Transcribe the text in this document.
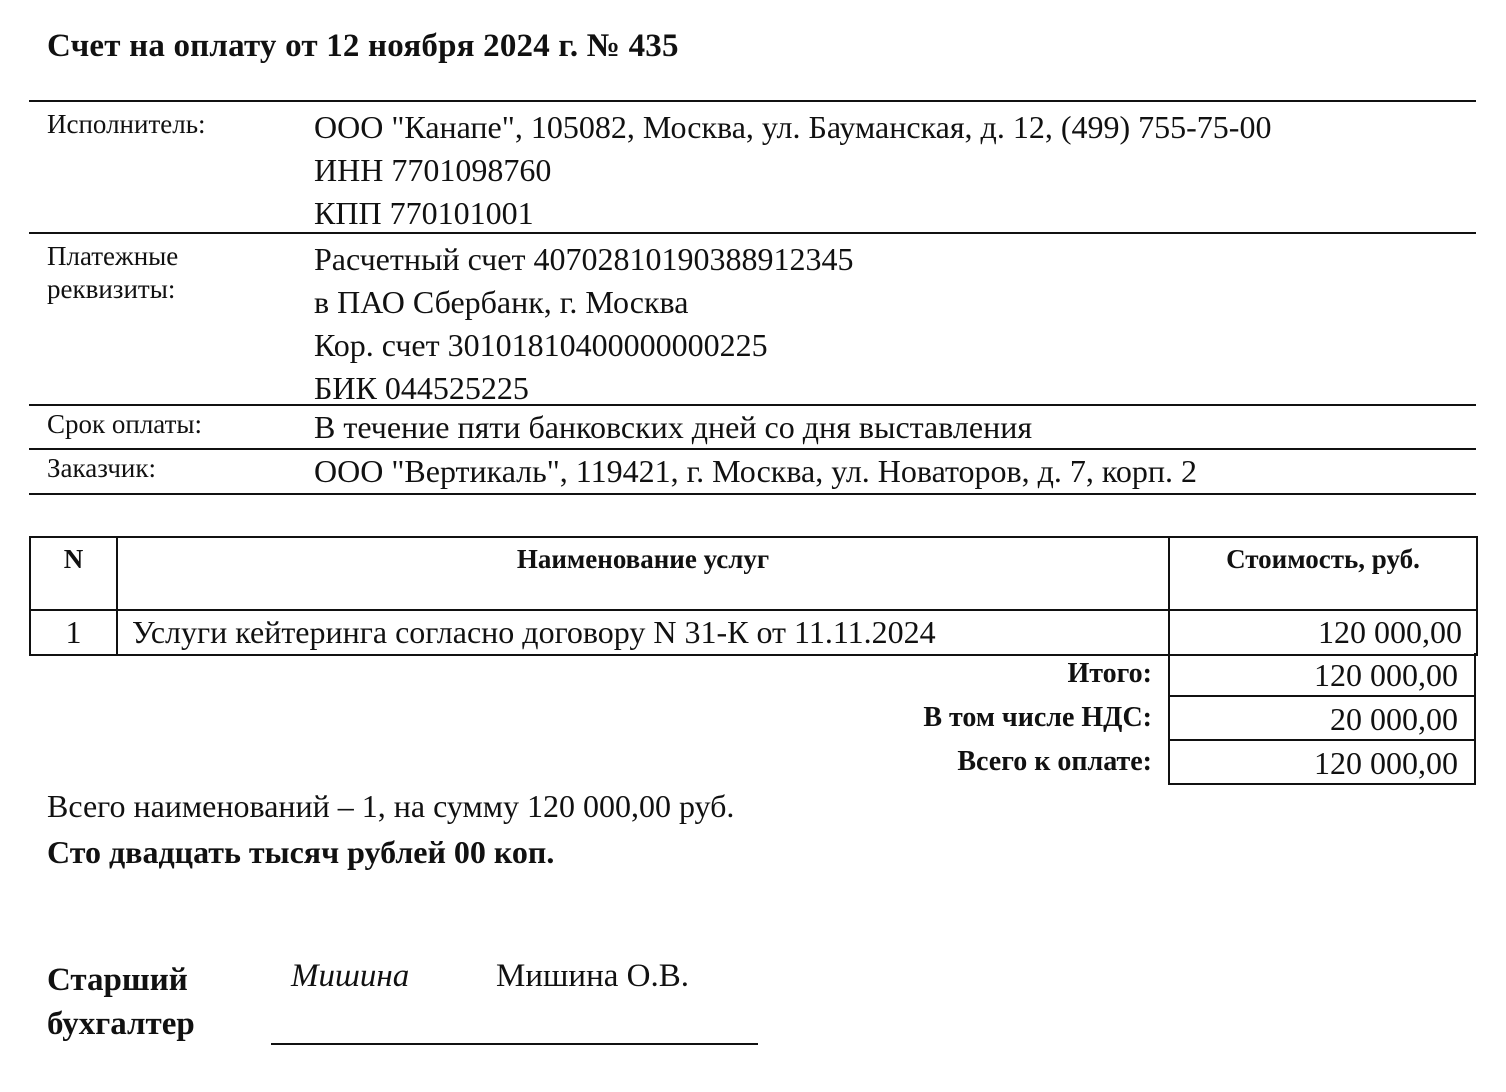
Счет на оплату от 12 ноября 2024 г. № 435
Исполнитель:	ООО "Канапе", 105082, Москва, ул. Бауманская, д. 12, (499) 755-75-00
ИНН 7701098760
КПП 770101001
Платежные
реквизиты:
Расчетный счет 40702810190388912345
в ПАО Сбербанк, г. Москва
Кор. счет 30101810400000000225
БИК 044525225
Срок оплаты:	В течение пяти банковских дней со дня выставления
Заказчик:	ООО "Вертикаль", 119421, г. Москва, ул. Новаторов, д. 7, корп. 2
N	Наименование услуг	Стоимость, руб.
1	Услуги кейтеринга согласно договору N 31-К от 11.11.2024	120 000,00
Итого:	120 000,00
В том числе НДС:	20 000,00
Всего к оплате:	120 000,00
Всего наименований – 1, на сумму 120 000,00 руб.
Сто двадцать тысяч рублей 00 коп.
Старший
бухгалтер
Мишина	Мишина О.В.
